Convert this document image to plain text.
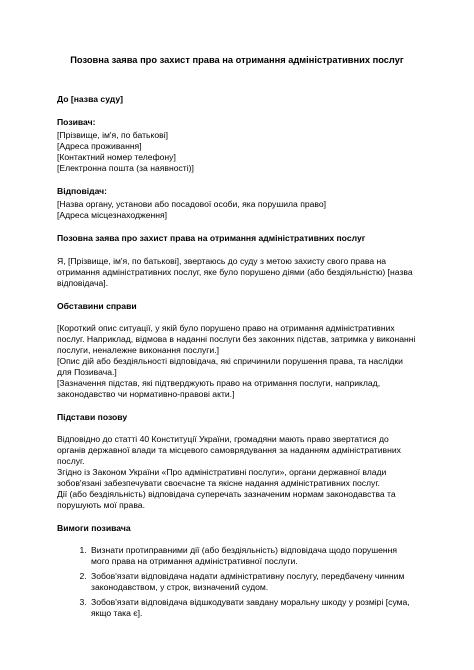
Позовна заява про захист права на отримання адміністративних послуг

До [назва суду]

Позивач:

[Прізвище, ім'я, по батькові]

[Адреса проживання]

[Контактний номер телефону]

[Електронна пошта (за наявності)]

Відповідач:

[Назва органу, установи або посадової особи, яка порушила право]

[Адреса місцезнаходження]

Позовна заява про захист права на отримання адміністративних послуг

Я, [Прізвище, ім'я, по батькові], звертаюсь до суду з метою захисту свого права на отримання адміністративних послуг, яке було порушено діями (або бездіяльністю) [назва відповідача].

Обставини справи

[Короткий опис ситуації, у якій було порушено право на отримання адміністративних послуг. Наприклад, відмова в наданні послуги без законних підстав, затримка у виконанні послуги, неналежне виконання послуги.]

[Опис дій або бездіяльності відповідача, які спричинили порушення права, та наслідки для Позивача.]

[Зазначення підстав, які підтверджують право на отримання послуги, наприклад, законодавство чи нормативно-правові акти.]

Підстави позову

Відповідно до статті 40 Конституції України, громадяни мають право звертатися до органів державної влади та місцевого самоврядування за наданням адміністративних послуг.

Згідно із Законом України «Про адміністративні послуги», органи державної влади зобов'язані забезпечувати своєчасне та якісне надання адміністративних послуг.

Дії (або бездіяльність) відповідача суперечать зазначеним нормам законодавства та порушують мої права.

Вимоги позивача

1. Визнати протиправними дії (або бездіяльність) відповідача щодо порушення мого права на отримання адміністративної послуги.
2. Зобов'язати відповідача надати адміністративну послугу, передбачену чинним законодавством, у строк, визначений судом.
3. Зобов'язати відповідача відшкодувати завдану моральну шкоду у розмірі [сума, якщо така є].
